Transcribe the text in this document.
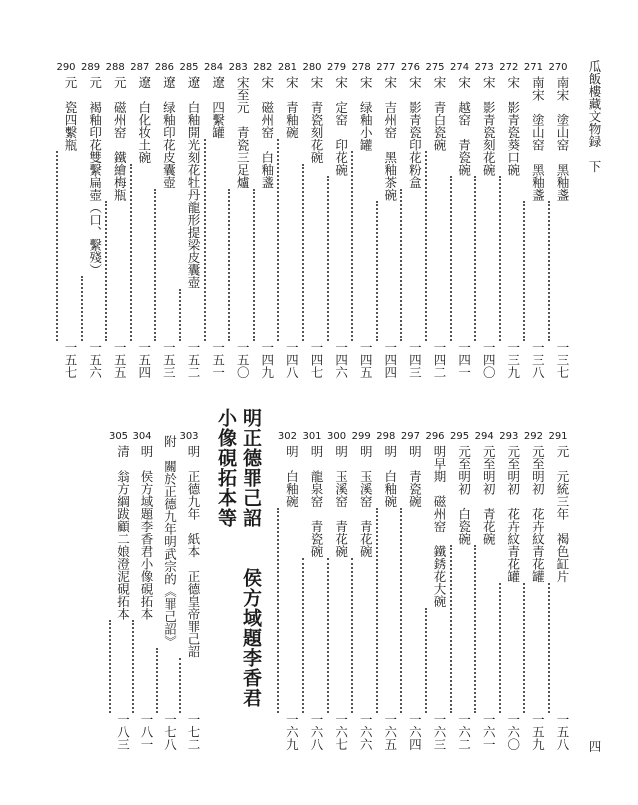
瓜飯樓藏文物録　下
四
270
南宋　塗山窑　黑釉盞
一三七
271
南宋　塗山窑　黑釉盞
一三八
272
宋　影青瓷葵口碗
一三九
273
宋　影青瓷刻花碗
一四〇
274
宋　越窑　青瓷碗
一四一
275
宋　青白瓷碗
一四二
276
宋　影青瓷印花粉盒
一四三
277
宋　吉州窑　黑釉茶碗
一四四
278
宋　绿釉小罐
一四五
279
宋　定窑　印花碗
一四六
280
宋　青瓷刻花碗
一四七
281
宋　青釉碗
一四八
282
宋　磁州窑　白釉盞
一四九
283
宋至元　青瓷三足爐
一五〇
284
遼　四繫罐
一五一
285
遼　白釉開光刻花牡丹龍形提梁皮囊壺
一五二
286
遼　绿釉印花皮囊壺
一五三
287
遼　白化妆土碗
一五四
288
元　磁州窑　鐵繪梅瓶
一五五
289
元　褐釉印花雙繫扁壺（口、繫殘）
一五六
290
元　瓷四繫瓶
一五七
291
元　元統三年　褐色缸片
一五八
292
元至明初　花卉紋青花罐
一五九
293
元至明初　花卉紋青花罐
一六〇
294
元至明初　青花碗
一六一
295
元至明初　白瓷碗
一六二
296
明早期　磁州窑　鐵銹花大碗
一六三
297
明　青瓷碗
一六四
298
明　白釉碗
一六五
299
明　玉溪窑　青花碗
一六六
300
明　玉溪窑　青花碗
一六七
301
明　龍泉窑　青瓷碗
一六八
302
明　白釉碗
一六九
明正德罪己詔　　侯方域題李香君
小像硯拓本等
303
明　正德九年　紙本　正德皇帝罪己詔
一七二
附　關於正德九年明武宗的《罪己詔》
一七八
304
明　侯方域題李香君小像硯拓本
一八一
305
清　翁方綱跋顧二娘澄泥硯拓本
一八三
